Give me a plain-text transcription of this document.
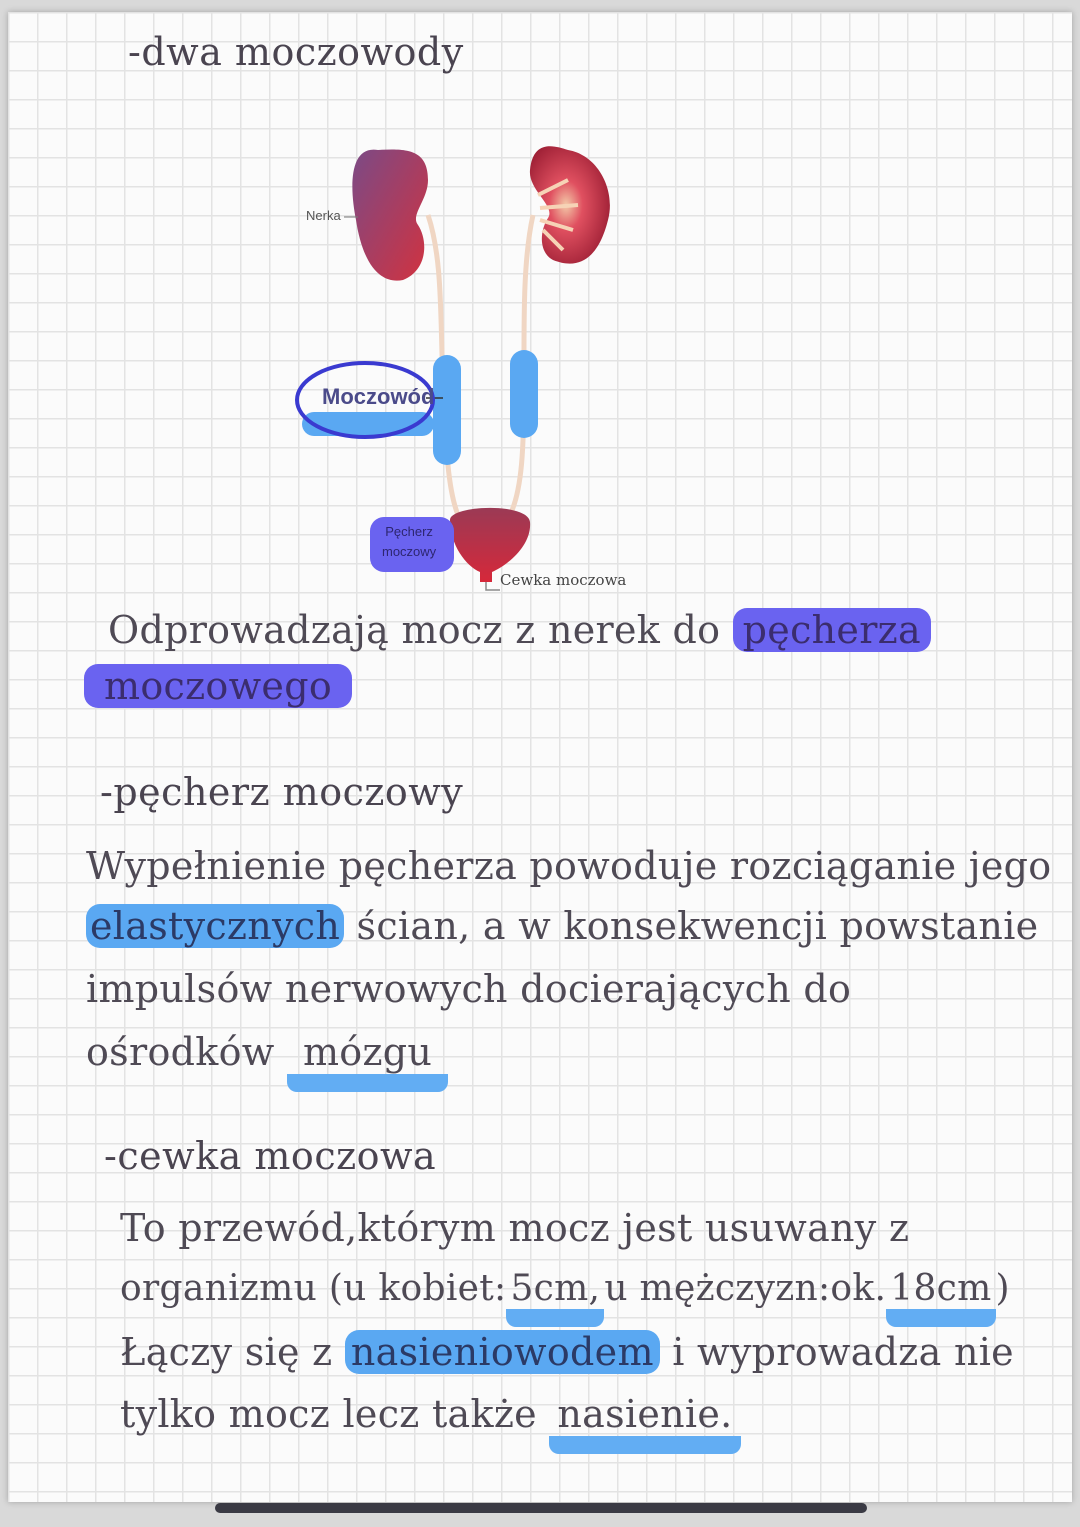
-dwa moczowody
Nerka
Moczowód
Pęcherz
moczowy
Cewka moczowa
Odprowadzają mocz z nerek do pęcherza
moczowego
-pęcherz moczowy
Wypełnienie pęcherza powoduje rozciąganie jego
elastycznych ścian, a w konsekwencji powstanie
impulsów nerwowych docierających do
ośrodków mózgu
-cewka moczowa
To przewód,którym mocz jest usuwany z
organizmu (u kobiet: 5cm, u mężczyzn:ok. 18cm )
Łączy się z nasieniowodem i wyprowadza nie
tylko mocz lecz także nasienie.
